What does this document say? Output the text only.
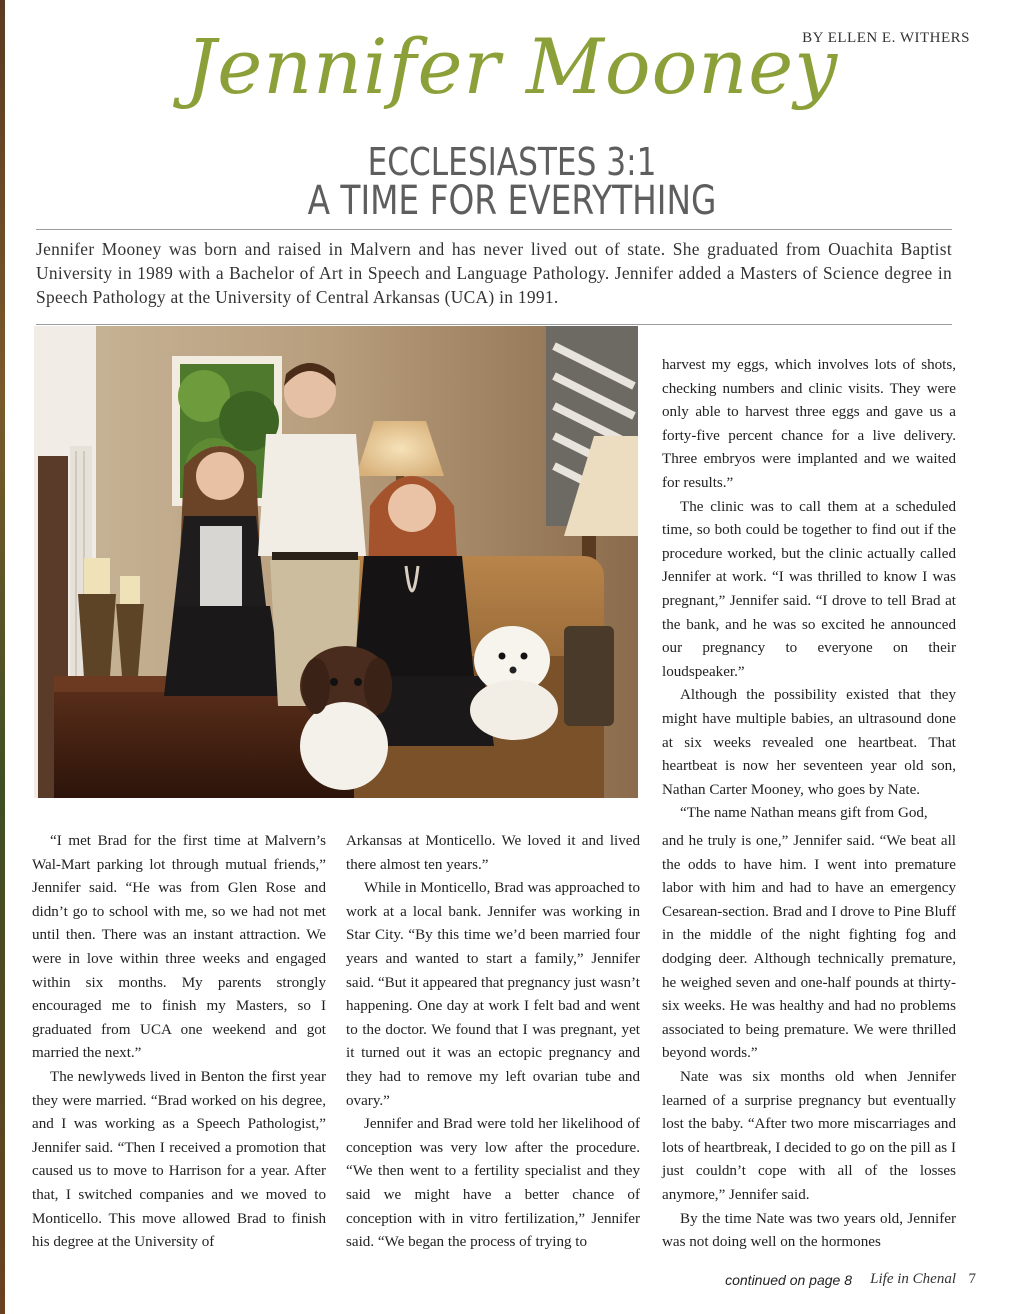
BY ELLEN E. WITHERS
Jennifer Mooney
ECCLESIASTES 3:1
A TIME FOR EVERYTHING
Jennifer Mooney was born and raised in Malvern and has never lived out of state. She graduated from Ouachita Baptist University in 1989 with a Bachelor of Art in Speech and Language Pathology. Jennifer added a Masters of Science degree in Speech Pathology at the University of Central Arkansas (UCA) in 1991.

harvest my eggs, which involves lots of shots, checking numbers and clinic visits. They were only able to harvest three eggs and gave us a forty-five percent chance for a live delivery. Three embryos were implanted and we waited for results.”

The clinic was to call them at a scheduled time, so both could be together to find out if the procedure worked, but the clinic actually called Jennifer at work. “I was thrilled to know I was pregnant,” Jennifer said. “I drove to tell Brad at the bank, and he was so excited he announced our pregnancy to everyone on their loudspeaker.”

Although the possibility existed that they might have multiple babies, an ultrasound done at six weeks revealed one heartbeat. That heartbeat is now her seventeen year old son, Nathan Carter Mooney, who goes by Nate.

“The name Nathan means gift from God,

“I met Brad for the first time at Malvern’s Wal-Mart parking lot through mutual friends,” Jennifer said. “He was from Glen Rose and didn’t go to school with me, so we had not met until then. There was an instant attraction. We were in love within three weeks and engaged within six months. My parents strongly encouraged me to finish my Masters, so I graduated from UCA one weekend and got married the next.”

The newlyweds lived in Benton the first year they were married. “Brad worked on his degree, and I was working as a Speech Pathologist,” Jennifer said. “Then I received a promotion that caused us to move to Harrison for a year. After that, I switched companies and we moved to Monticello. This move allowed Brad to finish his degree at the University of

Arkansas at Monticello. We loved it and lived there almost ten years.”

While in Monticello, Brad was approached to work at a local bank. Jennifer was working in Star City. “By this time we’d been married four years and wanted to start a family,” Jennifer said. “But it appeared that pregnancy just wasn’t happening. One day at work I felt bad and went to the doctor. We found that I was pregnant, yet it turned out it was an ectopic pregnancy and they had to remove my left ovarian tube and ovary.”

Jennifer and Brad were told her likelihood of conception was very low after the procedure. “We then went to a fertility specialist and they said we might have a better chance of conception with in vitro fertilization,” Jennifer said. “We began the process of trying to

and he truly is one,” Jennifer said. “We beat all the odds to have him. I went into premature labor with him and had to have an emergency Cesarean-section. Brad and I drove to Pine Bluff in the middle of the night fighting fog and dodging deer. Although technically premature, he weighed seven and one-half pounds at thirty-six weeks. He was healthy and had no problems associated to being premature. We were thrilled beyond words.”

Nate was six months old when Jennifer learned of a surprise pregnancy but eventually lost the baby. “After two more miscarriages and lots of heartbreak, I decided to go on the pill as I just couldn’t cope with all of the losses anymore,” Jennifer said.

By the time Nate was two years old, Jennifer was not doing well on the hormones

continued on page 8 Life in Chenal 7
